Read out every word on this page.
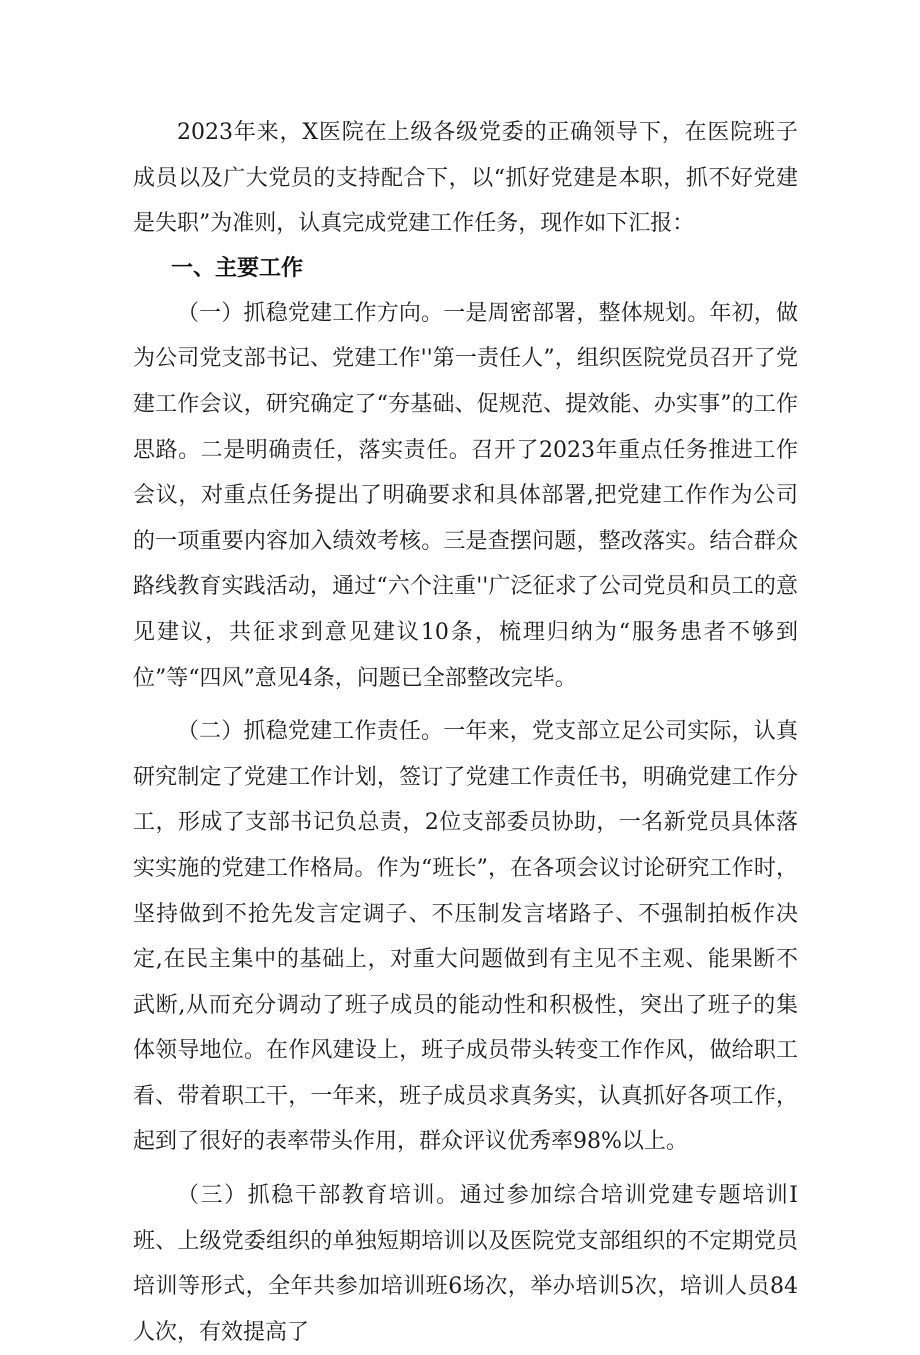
2023年来，X医院在上级各级党委的正确领导下，在医院班子成员以及广大党员的支持配合下，以“抓好党建是本职，抓不好党建是失职”为准则，认真完成党建工作任务，现作如下汇报：

一、主要工作

（一）抓稳党建工作方向。一是周密部署，整体规划。年初，做为公司党支部书记、党建工作''第一责任人”，组织医院党员召开了党建工作会议，研究确定了“夯基础、促规范、提效能、办实事”的工作思路。二是明确责任，落实责任。召开了2023年重点任务推进工作会议，对重点任务提出了明确要求和具体部署,把党建工作作为公司的一项重要内容加入绩效考核。三是查摆问题，整改落实。结合群众路线教育实践活动，通过“六个注重''广泛征求了公司党员和员工的意见建议，共征求到意见建议10条，梳理归纳为“服务患者不够到位”等“四风”意见4条，问题已全部整改完毕。

（二）抓稳党建工作责任。一年来，党支部立足公司实际，认真研究制定了党建工作计划，签订了党建工作责任书，明确党建工作分工，形成了支部书记负总责，2位支部委员协助，一名新党员具体落实实施的党建工作格局。作为“班长”，在各项会议讨论研究工作时，坚持做到不抢先发言定调子、不压制发言堵路子、不强制拍板作决定,在民主集中的基础上，对重大问题做到有主见不主观、能果断不武断,从而充分调动了班子成员的能动性和积极性，突出了班子的集体领导地位。在作风建设上，班子成员带头转变工作作风，做给职工看、带着职工干，一年来，班子成员求真务实，认真抓好各项工作，起到了很好的表率带头作用，群众评议优秀率98%以上。

（三）抓稳干部教育培训。通过参加综合培训党建专题培训Ⅰ班、上级党委组织的单独短期培训以及医院党支部组织的不定期党员培训等形式，全年共参加培训班6场次，举办培训5次，培训人员84人次，有效提高了
